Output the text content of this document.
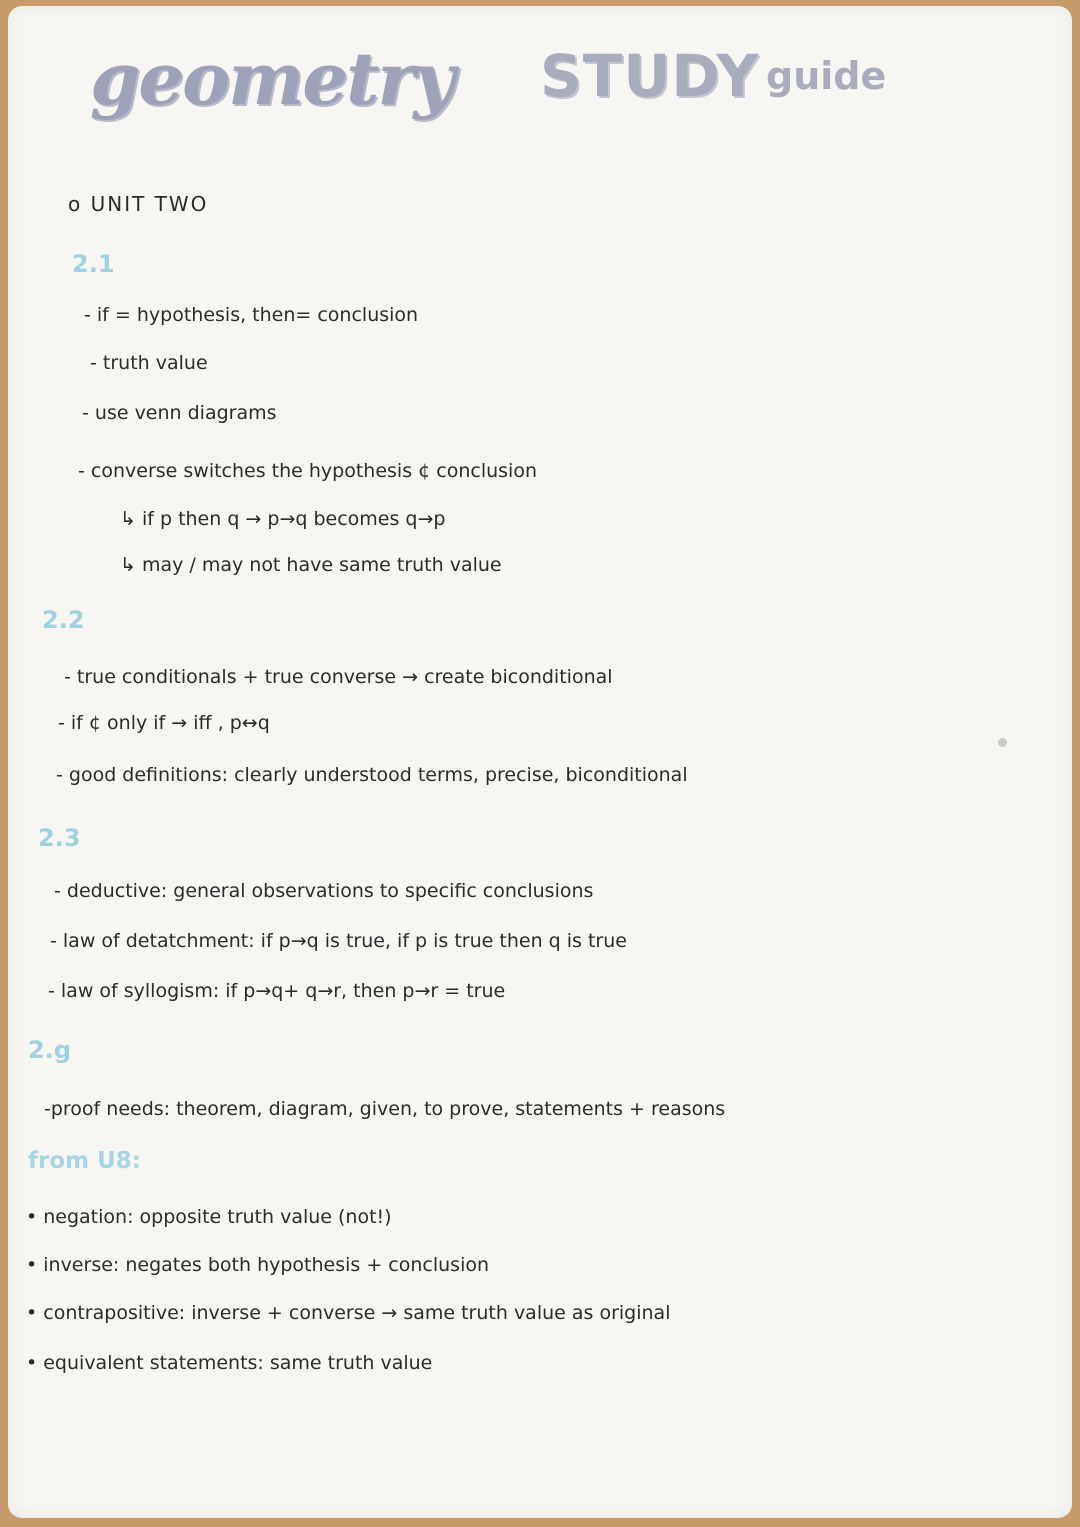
geometry STUDY guide
o UNIT TWO
2.1
- if = hypothesis, then= conclusion
- truth value
- use venn diagrams
- converse switches the hypothesis ¢ conclusion
↳ if p then q → p→q becomes q→p
↳ may / may not have same truth value
2.2
- true conditionals + true converse → create biconditional
- if ¢ only if → iff , p↔q
- good definitions: clearly understood terms, precise, biconditional
2.3
- deductive: general observations to specific conclusions
- law of detatchment: if p→q is true, if p is true then q is true
- law of syllogism: if p→q+ q→r, then p→r = true
2.g
-proof needs: theorem, diagram, given, to prove, statements + reasons
from U8:
• negation: opposite truth value (not!)
• inverse: negates both hypothesis + conclusion
• contrapositive: inverse + converse → same truth value as original
• equivalent statements: same truth value
